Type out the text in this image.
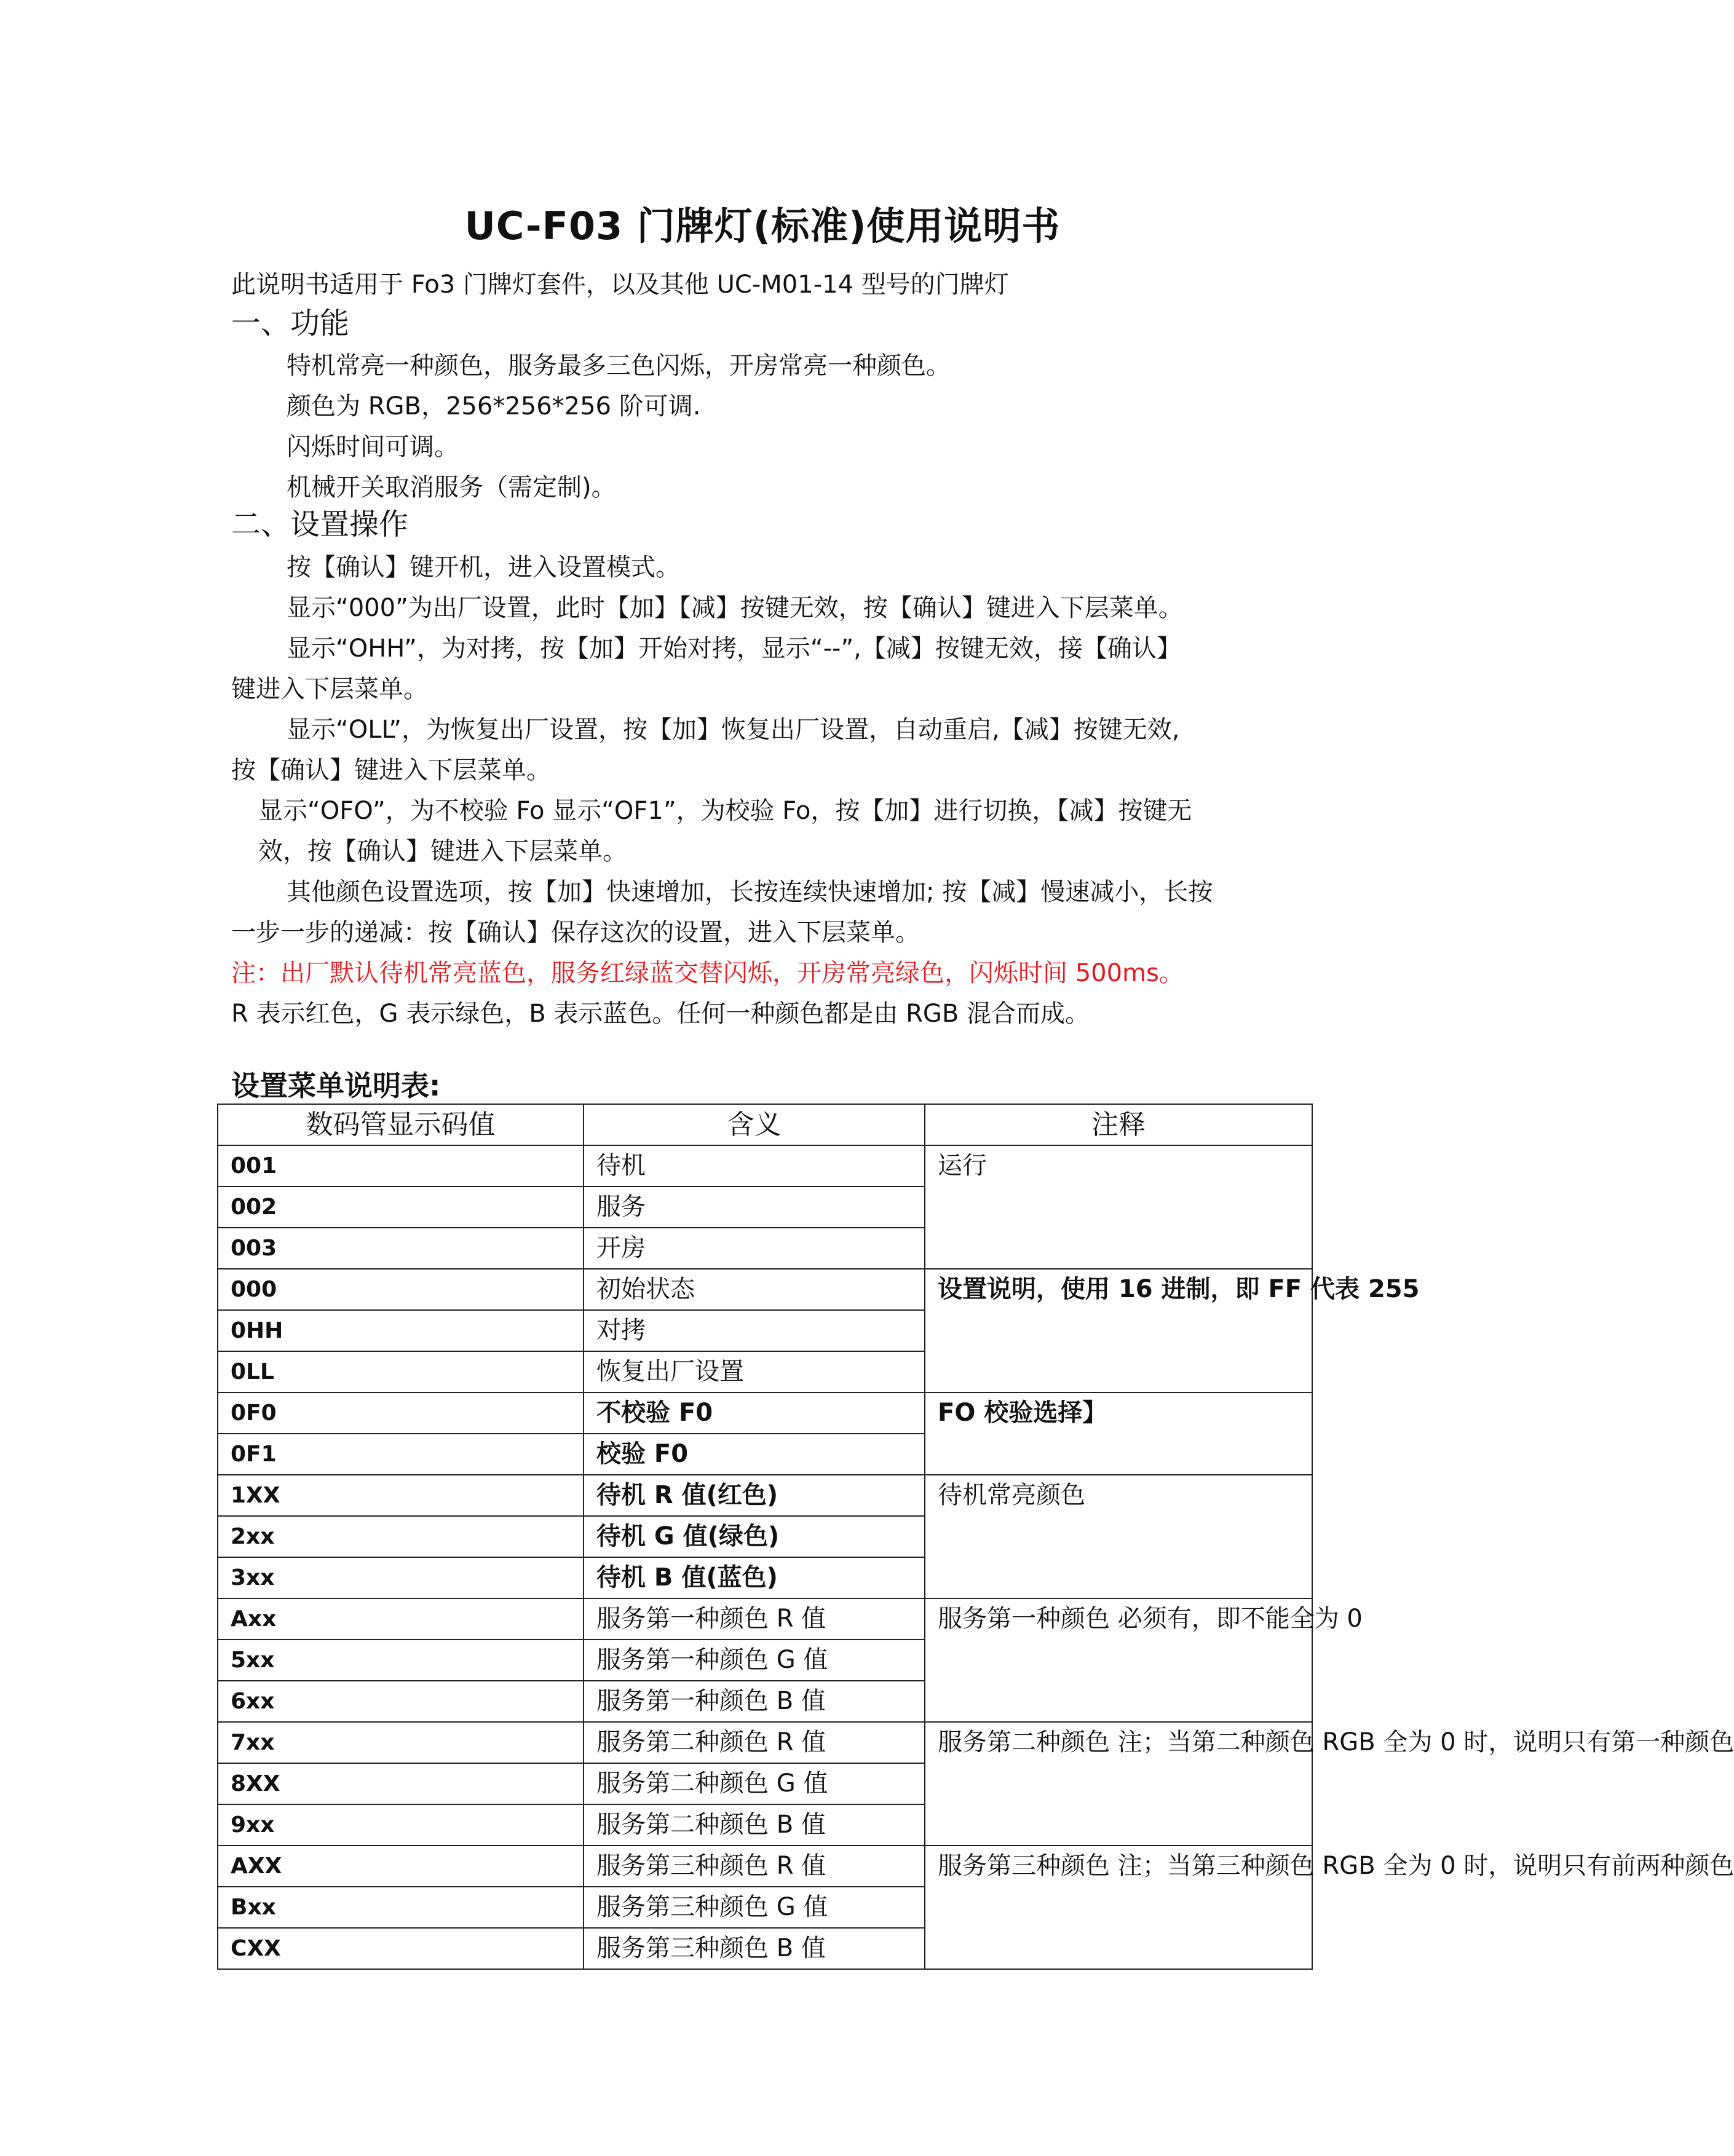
UC-F03 门牌灯(标准)使用说明书
此说明书适用于 Fo3 门牌灯套件，以及其他 UC-M01-14 型号的门牌灯
一、功能
特机常亮一种颜色，服务最多三色闪烁，开房常亮一种颜色。
颜色为 RGB，256*256*256 阶可调.
闪烁时间可调。
机械开关取消服务（需定制)。
二、设置操作
按【确认】键开机，进入设置模式。
显示“000”为出厂设置，此时【加】【减】按键无效，按【确认】键进入下层菜单。
显示“OHH”，为对拷，按【加】开始对拷，显示“--”,【减】按键无效，接【确认】
键进入下层菜单。
显示“OLL”，为恢复出厂设置，按【加】恢复出厂设置，自动重启,【减】按键无效,
按【确认】键进入下层菜单。
显示“OFO”，为不校验 Fo 显示“OF1”，为校验 Fo，按【加】进行切换，【减】按键无
效，按【确认】键进入下层菜单。
其他颜色设置选项，按【加】快速增加，长按连续快速增加; 按【减】慢速减小，长按
一步一步的递减：按【确认】保存这次的设置，进入下层菜单。
注：出厂默认待机常亮蓝色，服务红绿蓝交替闪烁，开房常亮绿色，闪烁时间 500ms。
R 表示红色，G 表示绿色，B 表示蓝色。任何一种颜色都是由 RGB 混合而成。
设置菜单说明表:
数码管显示码值	含义	注释
001	待机	运行
002	服务	
003	开房	
000	初始状态	设置说明，使用 16 进制，即 FF 代表 255
0HH	对拷	
0LL	恢复出厂设置	
0F0	不校验 F0	FO 校验选择】
0F1	校验 F0	
1XX	待机 R 值(红色)	待机常亮颜色
2xx	待机 G 值(绿色)	
3xx	待机 B 值(蓝色)	
Axx	服务第一种颜色 R 值	服务第一种颜色 必须有，即不能全为 0
5xx	服务第一种颜色 G 值	
6xx	服务第一种颜色 B 值	
7xx	服务第二种颜色 R 值	服务第二种颜色 注；当第二种颜色 RGB 全为 0 时，说明只有第一种颜色
8XX	服务第二种颜色 G 值	
9xx	服务第二种颜色 B 值	
AXX	服务第三种颜色 R 值	服务第三种颜色 注；当第三种颜色 RGB 全为 0 时，说明只有前两种颜色
Bxx	服务第三种颜色 G 值	
CXX	服务第三种颜色 B 值	
